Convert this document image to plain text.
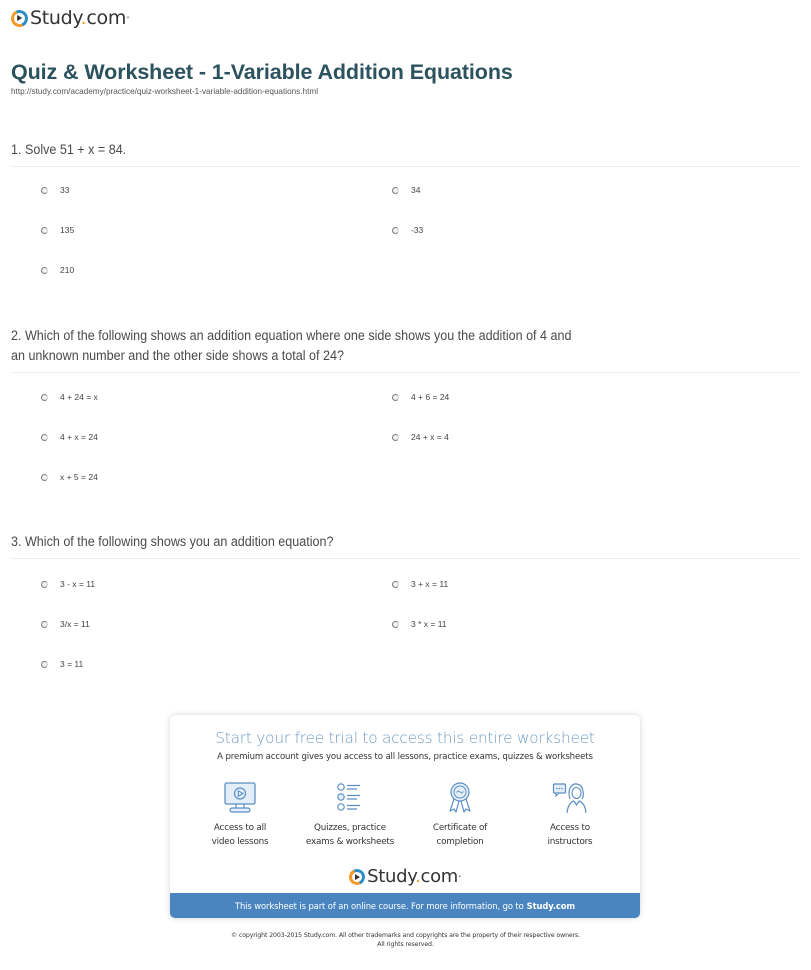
Study.com •
Quiz & Worksheet - 1-Variable Addition Equations
http://study.com/academy/practice/quiz-worksheet-1-variable-addition-equations.html
1. Solve 51 + x = 84.
33	34
135	-33
210
2. Which of the following shows an addition equation where one side shows you the addition of 4 and
an unknown number and the other side shows a total of 24?
4 + 24 = x	4 + 6 = 24
4 + x = 24	24 + x = 4
x + 5 = 24
3. Which of the following shows you an addition equation?
3 - x = 11	3 + x = 11
3/x = 11	3 * x = 11
3 = 11
Start your free trial to access this entire worksheet
A premium account gives you access to all lessons, practice exams, quizzes & worksheets
Access to all
video lessons
Quizzes, practice
exams & worksheets
Certificate of
completion
Access to
instructors
Study.com •
This worksheet is part of an online course. For more information, go to Study.com
© copyright 2003-2015 Study.com. All other trademarks and copyrights are the property of their respective owners.
All rights reserved.
